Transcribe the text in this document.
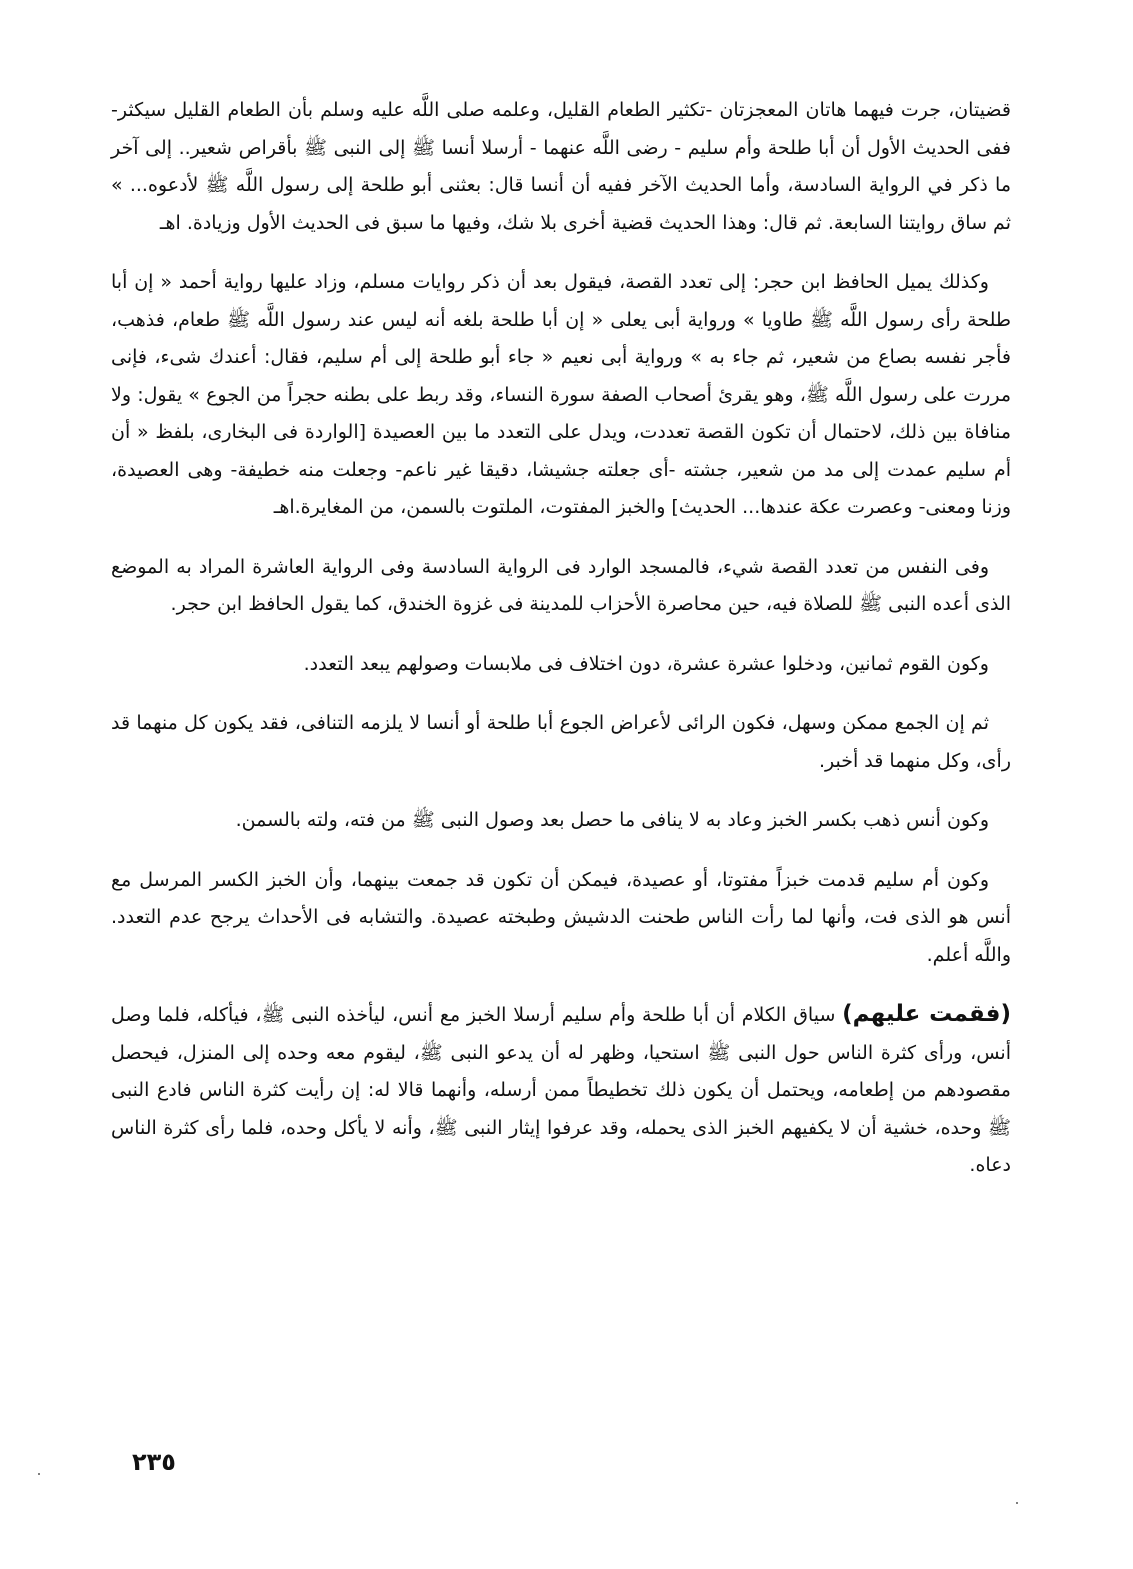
قضيتان، جرت فيهما هاتان المعجزتان -تكثير الطعام القليل، وعلمه صلى اللَّه عليه وسلم بأن الطعام القليل سيكثر- ففى الحديث الأول أن أبا طلحة وأم سليم - رضى اللَّه عنهما - أرسلا أنسا ﷺ إلى النبى ﷺ بأقراص شعير.. إلى آخر ما ذكر في الرواية السادسة، وأما الحديث الآخر ففيه أن أنسا قال: بعثنى أبو طلحة إلى رسول اللَّه ﷺ لأدعوه... » ثم ساق روايتنا السابعة. ثم قال: وهذا الحديث قضية أخرى بلا شك، وفيها ما سبق فى الحديث الأول وزيادة. اهـ

وكذلك يميل الحافظ ابن حجر: إلى تعدد القصة، فيقول بعد أن ذكر روايات مسلم، وزاد عليها رواية أحمد « إن أبا طلحة رأى رسول اللَّه ﷺ طاويا » ورواية أبى يعلى « إن أبا طلحة بلغه أنه ليس عند رسول اللَّه ﷺ طعام، فذهب، فأجر نفسه بصاع من شعير، ثم جاء به » ورواية أبى نعيم « جاء أبو طلحة إلى أم سليم، فقال: أعندك شىء، فإنى مررت على رسول اللَّه ﷺ، وهو يقرئ أصحاب الصفة سورة النساء، وقد ربط على بطنه حجراً من الجوع » يقول: ولا منافاة بين ذلك، لاحتمال أن تكون القصة تعددت، ويدل على التعدد ما بين العصيدة [الواردة فى البخارى، بلفظ « أن أم سليم عمدت إلى مد من شعير، جشته -أى جعلته جشيشا، دقيقا غير ناعم- وجعلت منه خطيفة- وهى العصيدة، وزنا ومعنى- وعصرت عكة عندها... الحديث] والخبز المفتوت، الملتوت بالسمن، من المغايرة.اهـ

وفى النفس من تعدد القصة شيء، فالمسجد الوارد فى الرواية السادسة وفى الرواية العاشرة المراد به الموضع الذى أعده النبى ﷺ للصلاة فيه، حين محاصرة الأحزاب للمدينة فى غزوة الخندق، كما يقول الحافظ ابن حجر.

وكون القوم ثمانين، ودخلوا عشرة عشرة، دون اختلاف فى ملابسات وصولهم يبعد التعدد.

ثم إن الجمع ممكن وسهل، فكون الرائى لأعراض الجوع أبا طلحة أو أنسا لا يلزمه التنافى، فقد يكون كل منهما قد رأى، وكل منهما قد أخبر.

وكون أنس ذهب بكسر الخبز وعاد به لا ينافى ما حصل بعد وصول النبى ﷺ من فته، ولته بالسمن.

وكون أم سليم قدمت خبزاً مفتوتا، أو عصيدة، فيمكن أن تكون قد جمعت بينهما، وأن الخبز الكسر المرسل مع أنس هو الذى فت، وأنها لما رأت الناس طحنت الدشيش وطبخته عصيدة. والتشابه فى الأحداث يرجح عدم التعدد. واللَّه أعلم.

(فقمت عليهم) سياق الكلام أن أبا طلحة وأم سليم أرسلا الخبز مع أنس، ليأخذه النبى ﷺ، فيأكله، فلما وصل أنس، ورأى كثرة الناس حول النبى ﷺ استحيا، وظهر له أن يدعو النبى ﷺ، ليقوم معه وحده إلى المنزل، فيحصل مقصودهم من إطعامه، ويحتمل أن يكون ذلك تخطيطاً ممن أرسله، وأنهما قالا له: إن رأيت كثرة الناس فادع النبى ﷺ وحده، خشية أن لا يكفيهم الخبز الذى يحمله، وقد عرفوا إيثار النبى ﷺ، وأنه لا يأكل وحده، فلما رأى كثرة الناس دعاه.

٢٣٥
